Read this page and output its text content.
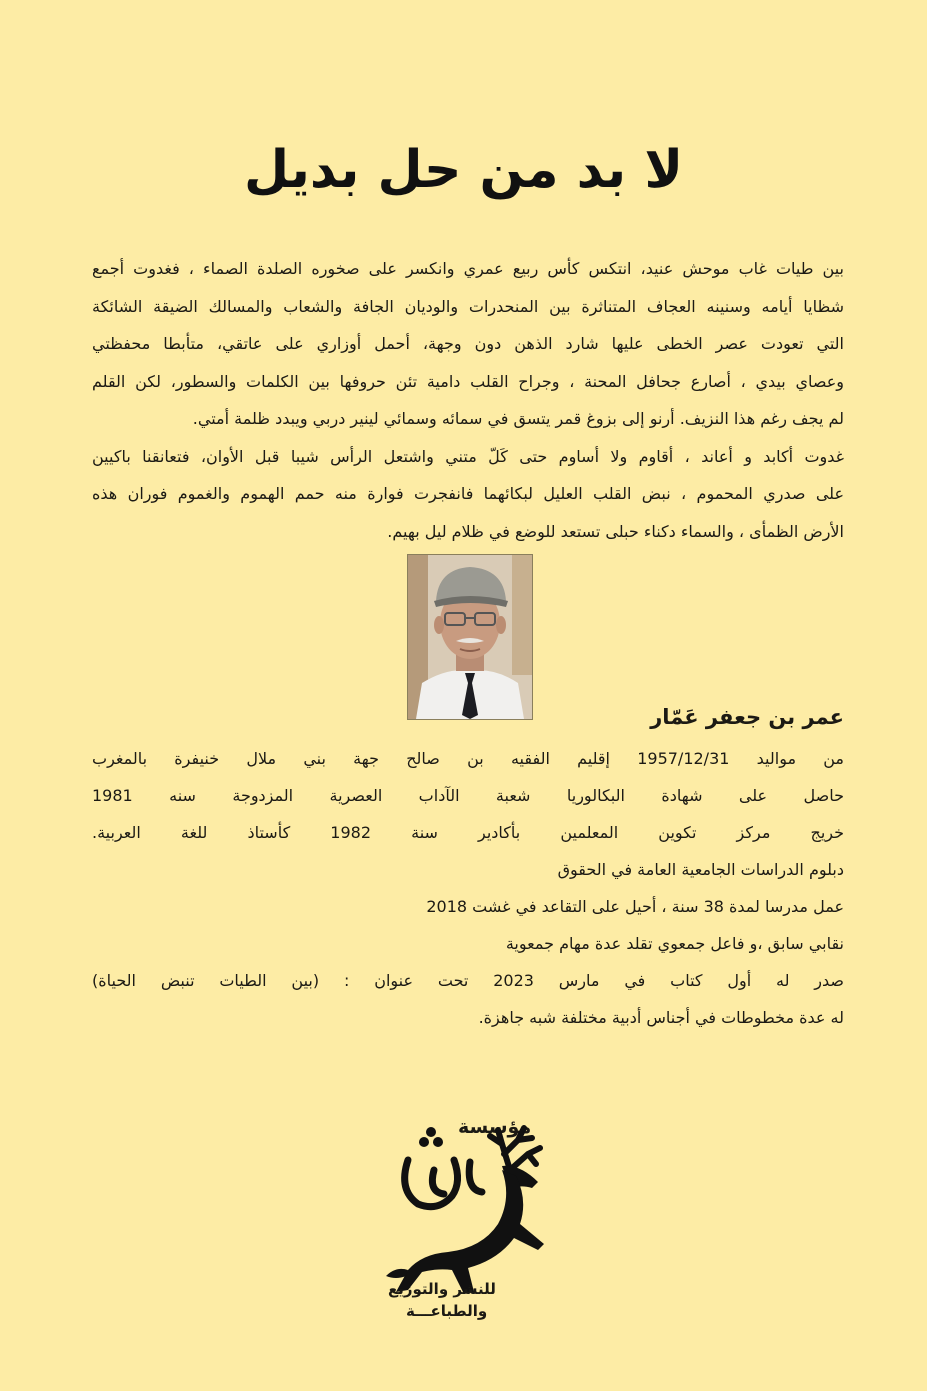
لا بد من حل بديل
بين طيات غاب موحش عنيد، انتكس كأس ربيع عمري وانكسر على صخوره الصلدة الصماء ، فغدوت أجمع
شظايا أيامه وسنينه العجاف المتناثرة بين المنحدرات والوديان الجافة والشعاب والمسالك الضيقة الشائكة
التي تعودت عصر الخطى عليها شارد الذهن دون وجهة، أحمل أوزاري على عاتقي، متأبطا محفظتي
وعصاي بيدي ، أصارع جحافل المحنة ، وجراح القلب دامية تئن حروفها بين الكلمات والسطور، لكن القلم
لم يجف رغم هذا النزيف. أرنو إلى بزوغ قمر يتسق في سمائه وسمائي لينير دربي ويبدد ظلمة أمتي.
غدوت أكابد و أعاند ، أقاوم ولا أساوم حتى كَلّ متني واشتعل الرأس شيبا قبل الأوان، فتعانقنا باكيين
على صدري المحموم ، نبض القلب العليل لبكائهما فانفجرت فوارة منه حمم الهموم والغموم فوران هذه
الأرض الظمأى ، والسماء دكناء حبلى تستعد للوضع في ظلام ليل بهيم.
عمر بن جعفر عَمّار
من مواليد 1957/12/31 إقليم الفقيه بن صالح جهة بني ملال خنيفرة بالمغرب
حاصل على شهادة البكالوريا شعبة الآداب العصرية المزدوجة سنه 1981
خريج مركز تكوين المعلمين بأكادير سنة 1982 كأستاذ للغة العربية.
دبلوم الدراسات الجامعية العامة في الحقوق
عمل مدرسا لمدة 38 سنة ، أحيل على التقاعد في غشت 2018
نقابي سابق ،و فاعل جمعوي تقلد عدة مهام جمعوية
صدر له أول كتاب في مارس 2023 تحت عنوان : (بين الطيات تنبض الحياة)
له عدة مخطوطات في أجناس أدبية مختلفة شبه جاهزة.
مؤسسة
دنيا
للنشر والتوزيع
والطباعـــة
